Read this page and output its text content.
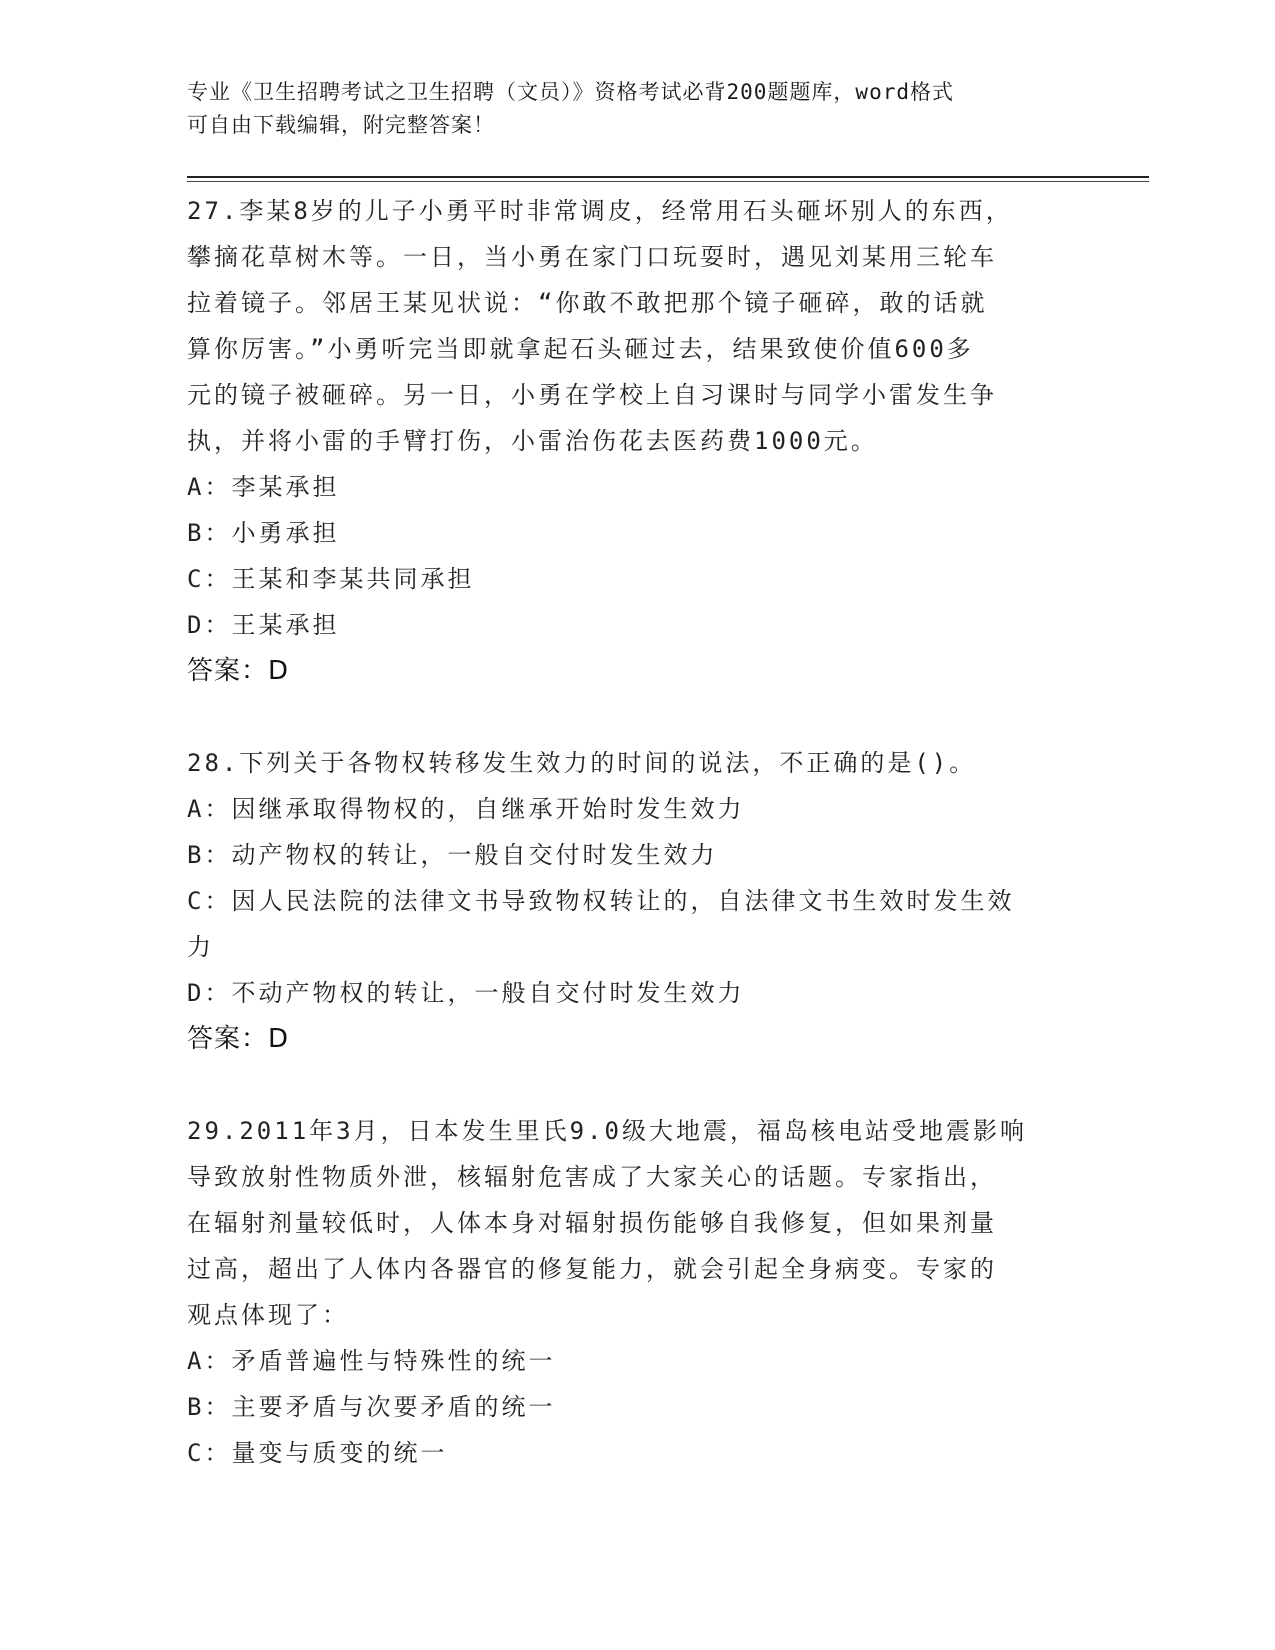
专业《卫生招聘考试之卫生招聘（文员）》资格考试必背200题题库，word格式
可自由下载编辑，附完整答案！
27.李某8岁的儿子小勇平时非常调皮，经常用石头砸坏别人的东西，
攀摘花草树木等。一日，当小勇在家门口玩耍时，遇见刘某用三轮车
拉着镜子。邻居王某见状说：“你敢不敢把那个镜子砸碎，敢的话就
算你厉害。”小勇听完当即就拿起石头砸过去，结果致使价值600多
元的镜子被砸碎。另一日，小勇在学校上自习课时与同学小雷发生争
执，并将小雷的手臂打伤，小雷治伤花去医药费1000元。
A：李某承担
B：小勇承担
C：王某和李某共同承担
D：王某承担
答案：D
28.下列关于各物权转移发生效力的时间的说法，不正确的是()。
A：因继承取得物权的，自继承开始时发生效力
B：动产物权的转让，一般自交付时发生效力
C：因人民法院的法律文书导致物权转让的，自法律文书生效时发生效
力
D：不动产物权的转让，一般自交付时发生效力
答案：D
29.2011年3月，日本发生里氏9.0级大地震，福岛核电站受地震影响
导致放射性物质外泄，核辐射危害成了大家关心的话题。专家指出，
在辐射剂量较低时，人体本身对辐射损伤能够自我修复，但如果剂量
过高，超出了人体内各器官的修复能力，就会引起全身病变。专家的
观点体现了：
A：矛盾普遍性与特殊性的统一
B：主要矛盾与次要矛盾的统一
C：量变与质变的统一
